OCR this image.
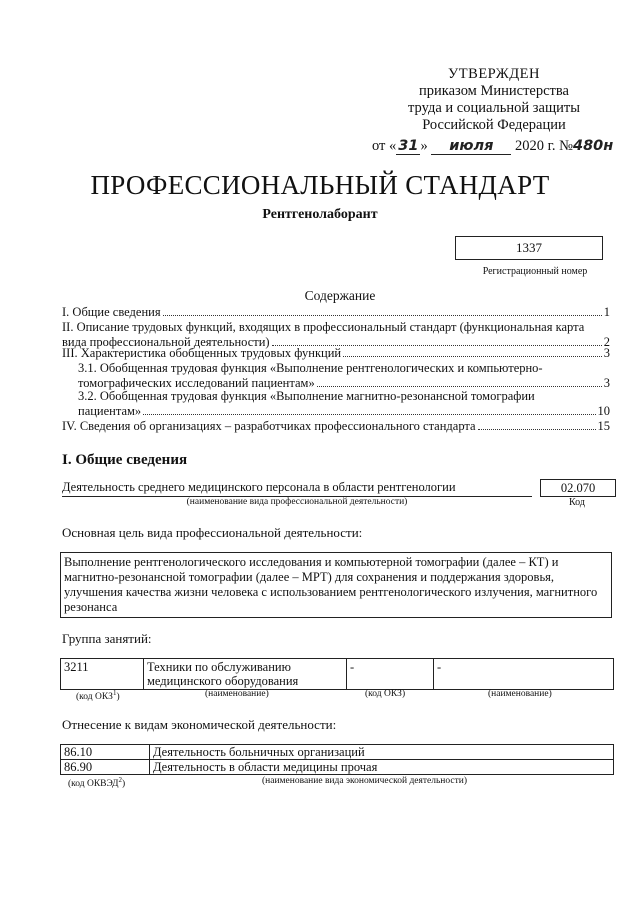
УТВЕРЖДЕН
приказом Министерства
труда и социальной защиты
Российской Федерации
от « 31 » июля 2020 г. №480н
ПРОФЕССИОНАЛЬНЫЙ СТАНДАРТ
Рентгенолаборант
1337
Регистрационный номер
Содержание
I. Общие сведения	1
II. Описание трудовых функций, входящих в профессиональный стандарт (функциональная карта
вида профессиональной деятельности)	2
III. Характеристика обобщенных трудовых функций	3
3.1. Обобщенная трудовая функция «Выполнение рентгенологических и компьютерно-
томографических исследований пациентам»	3
3.2. Обобщенная трудовая функция «Выполнение магнитно-резонансной томографии
пациентам»	10
IV. Сведения об организациях – разработчиках профессионального стандарта	15
I. Общие сведения
Деятельность среднего медицинского персонала в области рентгенологии
(наименование вида профессиональной деятельности)
02.070
Код
Основная цель вида профессиональной деятельности:
Выполнение рентгенологического исследования и компьютерной томографии (далее – КТ) и магнитно-резонансной томографии (далее – МРТ) для сохранения и поддержания здоровья, улучшения качества жизни человека с использованием рентгенологического излучения, магнитного резонанса
Группа занятий:
3211	Техники по обслуживанию медицинского оборудования	-	-
(код ОКЗ$^1$)	(наименование)	(код ОКЗ)	(наименование)
Отнесение к видам экономической деятельности:
86.10	Деятельность больничных организаций
86.90	Деятельность в области медицины прочая
(код ОКВЭД$^2$)	(наименование вида экономической деятельности)
